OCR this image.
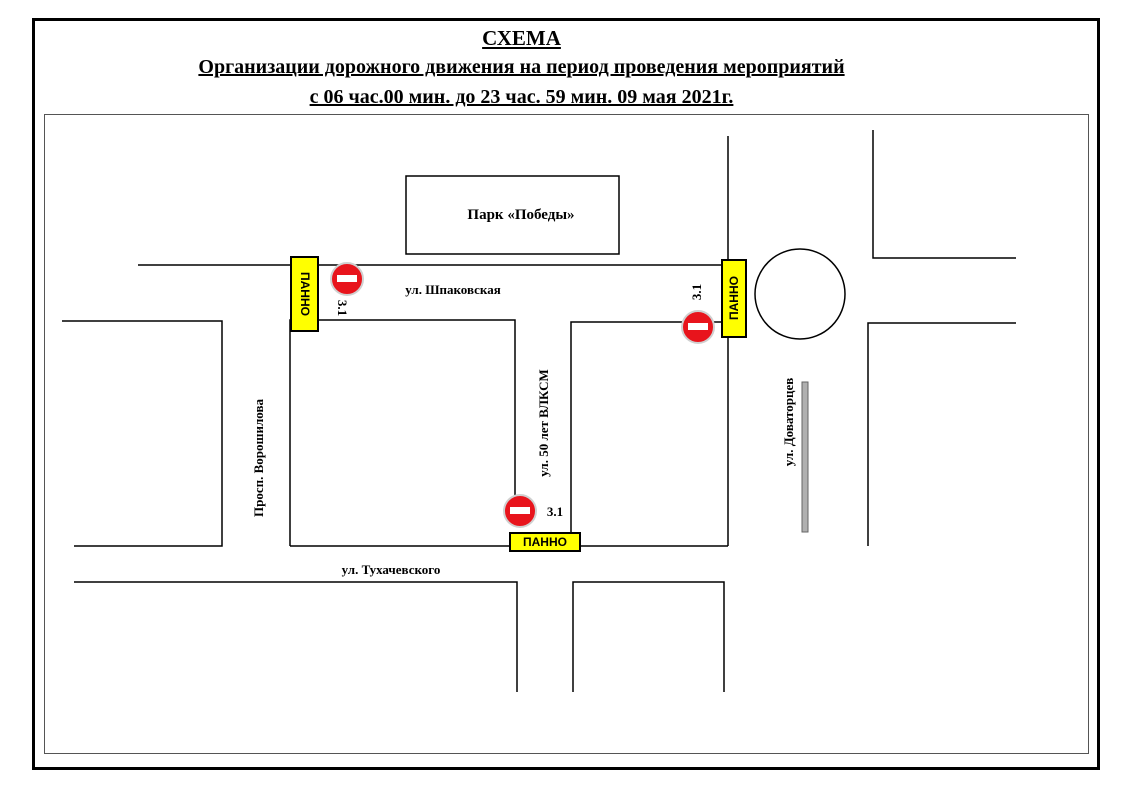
СХЕМА

Организации дорожного движения на период проведения мероприятий

с 06 час.00 мин. до 23 час. 59 мин. 09 мая 2021г.

Парк «Победы»
ул. Шпаковская
ул. Тухачевского
Просп. Ворошилова	ул. 50 лет ВЛКСМ	ул. Доваторцев
ПАННО	ПАННО
ПАННО
3.1
3.1
3.1
